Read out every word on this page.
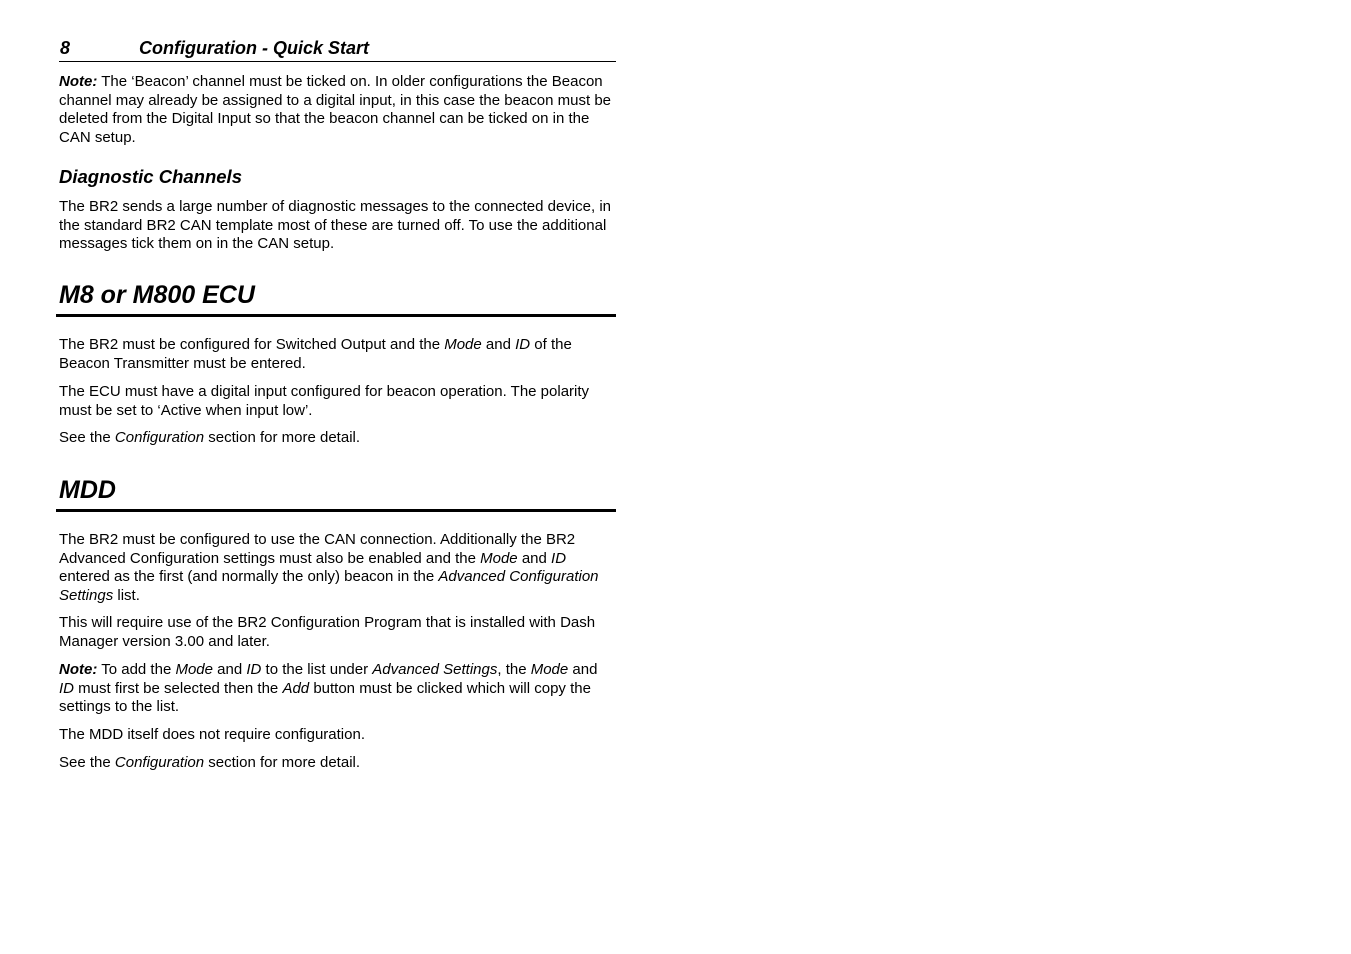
8	Configuration - Quick Start

Note: The ‘Beacon’ channel must be ticked on. In older configurations the Beacon channel may already be assigned to a digital input, in this case the beacon must be deleted from the Digital Input so that the beacon channel can be ticked on in the CAN setup.

Diagnostic Channels

The BR2 sends a large number of diagnostic messages to the connected device, in the standard BR2 CAN template most of these are turned off. To use the additional messages tick them on in the CAN setup.

M8 or M800 ECU

The BR2 must be configured for Switched Output and the Mode and ID of the Beacon Transmitter must be entered.

The ECU must have a digital input configured for beacon operation. The polarity must be set to ‘Active when input low’.

See the Configuration section for more detail.

MDD

The BR2 must be configured to use the CAN connection. Additionally the BR2 Advanced Configuration settings must also be enabled and the Mode and ID entered as the first (and normally the only) beacon in the Advanced Configuration Settings list.

This will require use of the BR2 Configuration Program that is installed with Dash Manager version 3.00 and later.

Note: To add the Mode and ID to the list under Advanced Settings, the Mode and ID must first be selected then the Add button must be clicked which will copy the settings to the list.

The MDD itself does not require configuration.

See the Configuration section for more detail.
